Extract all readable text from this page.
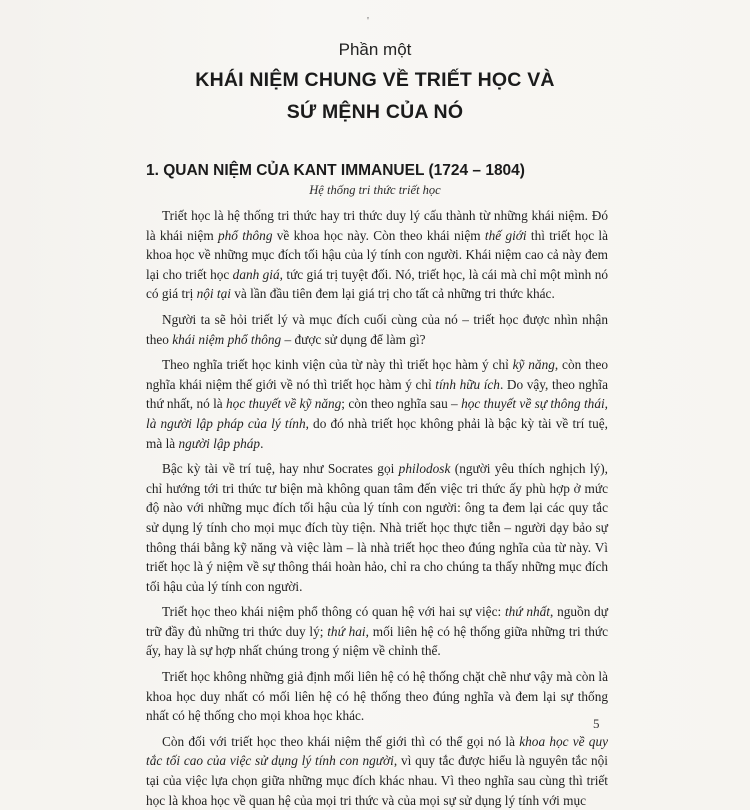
'
Phần một
KHÁI NIỆM CHUNG VỀ TRIẾT HỌC VÀ
SỨ MỆNH CỦA NÓ
1. QUAN NIỆM CỦA KANT IMMANUEL (1724 – 1804)
Hệ thống tri thức triết học

Triết học là hệ thống tri thức hay tri thức duy lý cấu thành từ những khái niệm. Đó là khái niệm phổ thông về khoa học này. Còn theo khái niệm thế giới thì triết học là khoa học về những mục đích tối hậu của lý tính con người. Khái niệm cao cả này đem lại cho triết học danh giá, tức giá trị tuyệt đối. Nó, triết học, là cái mà chỉ một mình nó có giá trị nội tại và lần đầu tiên đem lại giá trị cho tất cả những tri thức khác.

Người ta sẽ hỏi triết lý và mục đích cuối cùng của nó – triết học được nhìn nhận theo khái niệm phổ thông – được sử dụng để làm gì?

Theo nghĩa triết học kinh viện của từ này thì triết học hàm ý chỉ kỹ năng, còn theo nghĩa khái niệm thế giới về nó thì triết học hàm ý chỉ tính hữu ích. Do vậy, theo nghĩa thứ nhất, nó là học thuyết về kỹ năng; còn theo nghĩa sau – học thuyết về sự thông thái, là người lập pháp của lý tính, do đó nhà triết học không phải là bậc kỳ tài về trí tuệ, mà là người lập pháp.

Bậc kỳ tài về trí tuệ, hay như Socrates gọi philodosk (người yêu thích nghịch lý), chỉ hướng tới tri thức tư biện mà không quan tâm đến việc tri thức ấy phù hợp ở mức độ nào với những mục đích tối hậu của lý tính con người: ông ta đem lại các quy tắc sử dụng lý tính cho mọi mục đích tùy tiện. Nhà triết học thực tiễn – người dạy bảo sự thông thái bằng kỹ năng và việc làm – là nhà triết học theo đúng nghĩa của từ này. Vì triết học là ý niệm về sự thông thái hoàn hảo, chỉ ra cho chúng ta thấy những mục đích tối hậu của lý tính con người.

Triết học theo khái niệm phổ thông có quan hệ với hai sự việc: thứ nhất, nguồn dự trữ đầy đủ những tri thức duy lý; thứ hai, mối liên hệ có hệ thống giữa những tri thức ấy, hay là sự hợp nhất chúng trong ý niệm về chỉnh thể.

Triết học không những giả định mối liên hệ có hệ thống chặt chẽ như vậy mà còn là khoa học duy nhất có mối liên hệ có hệ thống theo đúng nghĩa và đem lại sự thống nhất có hệ thống cho mọi khoa học khác.

Còn đối với triết học theo khái niệm thế giới thì có thể gọi nó là khoa học về quy tắc tối cao của việc sử dụng lý tính con người, vì quy tắc được hiểu là nguyên tắc nội tại của việc lựa chọn giữa những mục đích khác nhau. Vì theo nghĩa sau cùng thì triết học là khoa học về quan hệ của mọi tri thức và của mọi sự sử dụng lý tính với mục

5
